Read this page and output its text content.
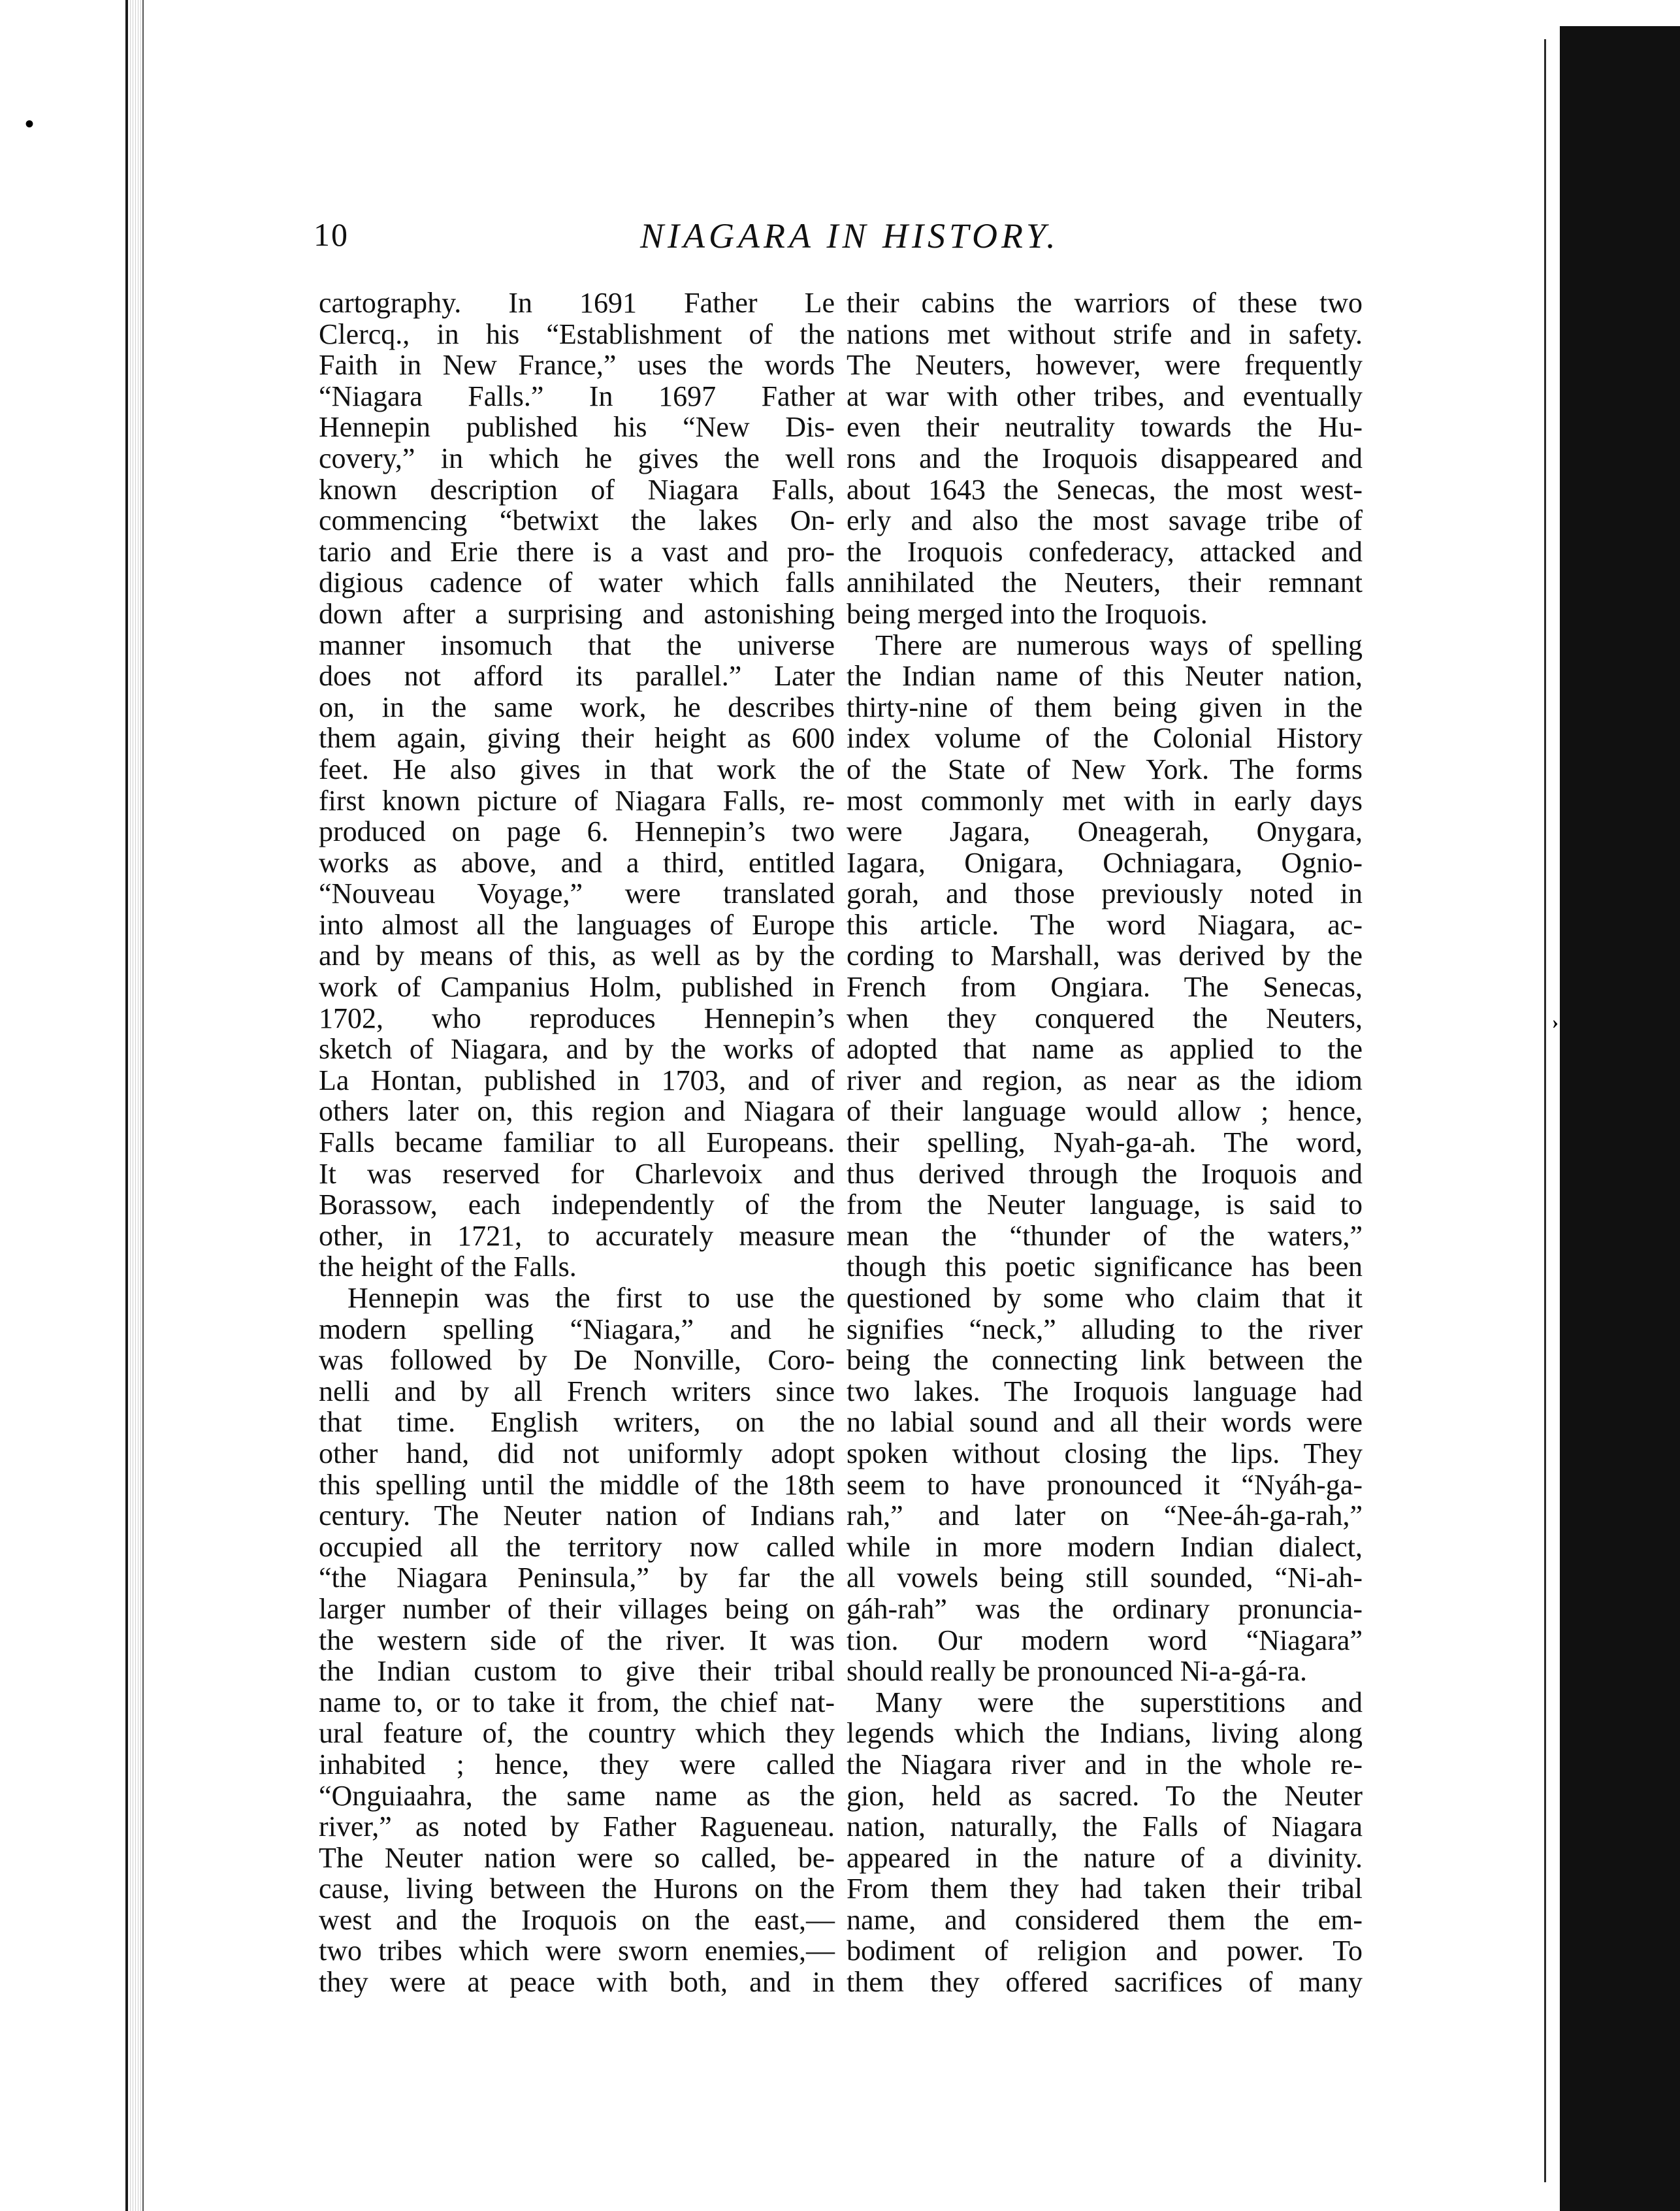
•
›
10	NIAGARA IN HISTORY.

cartography. In 1691 Father Le

Clercq., in his “Establishment of the

Faith in New France,” uses the words

“Niagara Falls.” In 1697 Father

Hennepin published his “New Dis-

covery,” in which he gives the well

known description of Niagara Falls,

commencing “betwixt the lakes On-

tario and Erie there is a vast and pro-

digious cadence of water which falls

down after a surprising and astonishing

manner insomuch that the universe

does not afford its parallel.” Later

on, in the same work, he describes

them again, giving their height as 600

feet. He also gives in that work the

first known picture of Niagara Falls, re-

produced on page 6. Hennepin’s two

works as above, and a third, entitled

“Nouveau Voyage,” were translated

into almost all the languages of Europe

and by means of this, as well as by the

work of Campanius Holm, published in

1702, who reproduces Hennepin’s

sketch of Niagara, and by the works of

La Hontan, published in 1703, and of

others later on, this region and Niagara

Falls became familiar to all Europeans.

It was reserved for Charlevoix and

Borassow, each independently of the

other, in 1721, to accurately measure

the height of the Falls.

Hennepin was the first to use the

modern spelling “Niagara,” and he

was followed by De Nonville, Coro-

nelli and by all French writers since

that time. English writers, on the

other hand, did not uniformly adopt

this spelling until the middle of the 18th

century. The Neuter nation of Indians

occupied all the territory now called

“the Niagara Peninsula,” by far the

larger number of their villages being on

the western side of the river. It was

the Indian custom to give their tribal

name to, or to take it from, the chief nat-

ural feature of, the country which they

inhabited ; hence, they were called

“Onguiaahra, the same name as the

river,” as noted by Father Ragueneau.

The Neuter nation were so called, be-

cause, living between the Hurons on the

west and the Iroquois on the east,—

two tribes which were sworn enemies,—

they were at peace with both, and in

their cabins the warriors of these two

nations met without strife and in safety.

The Neuters, however, were frequently

at war with other tribes, and eventually

even their neutrality towards the Hu-

rons and the Iroquois disappeared and

about 1643 the Senecas, the most west-

erly and also the most savage tribe of

the Iroquois confederacy, attacked and

annihilated the Neuters, their remnant

being merged into the Iroquois.

There are numerous ways of spelling

the Indian name of this Neuter nation,

thirty-nine of them being given in the

index volume of the Colonial History

of the State of New York. The forms

most commonly met with in early days

were Jagara, Oneagerah, Onygara,

Iagara, Onigara, Ochniagara, Ognio-

gorah, and those previously noted in

this article. The word Niagara, ac-

cording to Marshall, was derived by the

French from Ongiara. The Senecas,

when they conquered the Neuters,

adopted that name as applied to the

river and region, as near as the idiom

of their language would allow ; hence,

their spelling, Nyah-ga-ah. The word,

thus derived through the Iroquois and

from the Neuter language, is said to

mean the “thunder of the waters,”

though this poetic significance has been

questioned by some who claim that it

signifies “neck,” alluding to the river

being the connecting link between the

two lakes. The Iroquois language had

no labial sound and all their words were

spoken without closing the lips. They

seem to have pronounced it “Nyáh-ga-

rah,” and later on “Nee-áh-ga-rah,”

while in more modern Indian dialect,

all vowels being still sounded, “Ni-ah-

gáh-rah” was the ordinary pronuncia-

tion. Our modern word “Niagara”

should really be pronounced Ni-a-gá-ra.

Many were the superstitions and

legends which the Indians, living along

the Niagara river and in the whole re-

gion, held as sacred. To the Neuter

nation, naturally, the Falls of Niagara

appeared in the nature of a divinity.

From them they had taken their tribal

name, and considered them the em-

bodiment of religion and power. To

them they offered sacrifices of many
